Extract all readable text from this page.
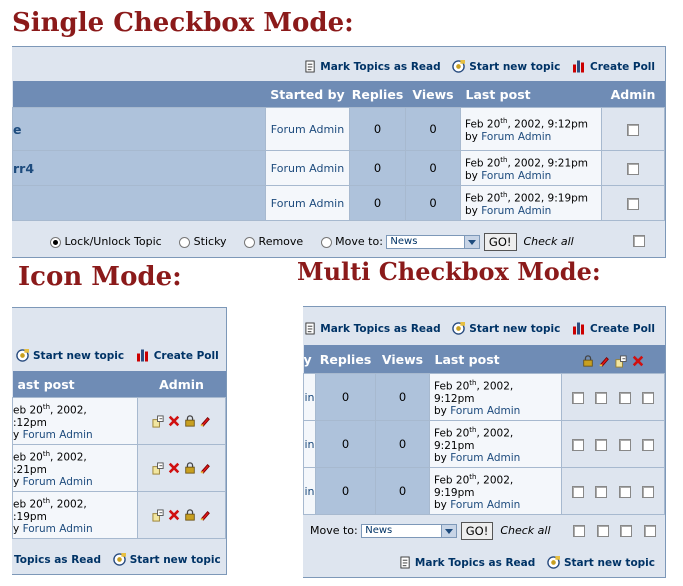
Single Checkbox Mode:
Mark Topics as Read	Start new topic	Create Poll
	Started by	Replies	Views	Last post	Admin
e	Forum Admin	0	0	Feb 20th, 2002, 9:12pm
by Forum Admin	
rr4	Forum Admin	0	0	Feb 20th, 2002, 9:21pm
by Forum Admin	
	Forum Admin	0	0	Feb 20th, 2002, 9:19pm
by Forum Admin	
Lock/Unlock Topic	Sticky	Remove	Move to: News	GO! Check all
Icon Mode:
Start new topic	Create Poll
ast post	Admin
eb 20th, 2002,
:12pm
y Forum Admin	
eb 20th, 2002,
:21pm
y Forum Admin	
eb 20th, 2002,
:19pm
y Forum Admin	
Topics as Read	Start new topic
Multi Checkbox Mode:
Mark Topics as Read	Start new topic	Create Poll
y	Replies	Views	Last post	
in	0	0	Feb 20th, 2002,
9:12pm
by Forum Admin	
in	0	0	Feb 20th, 2002,
9:21pm
by Forum Admin	
in	0	0	Feb 20th, 2002,
9:19pm
by Forum Admin	
Move to: News	GO! Check all

Mark Topics as Read	Start new topic
